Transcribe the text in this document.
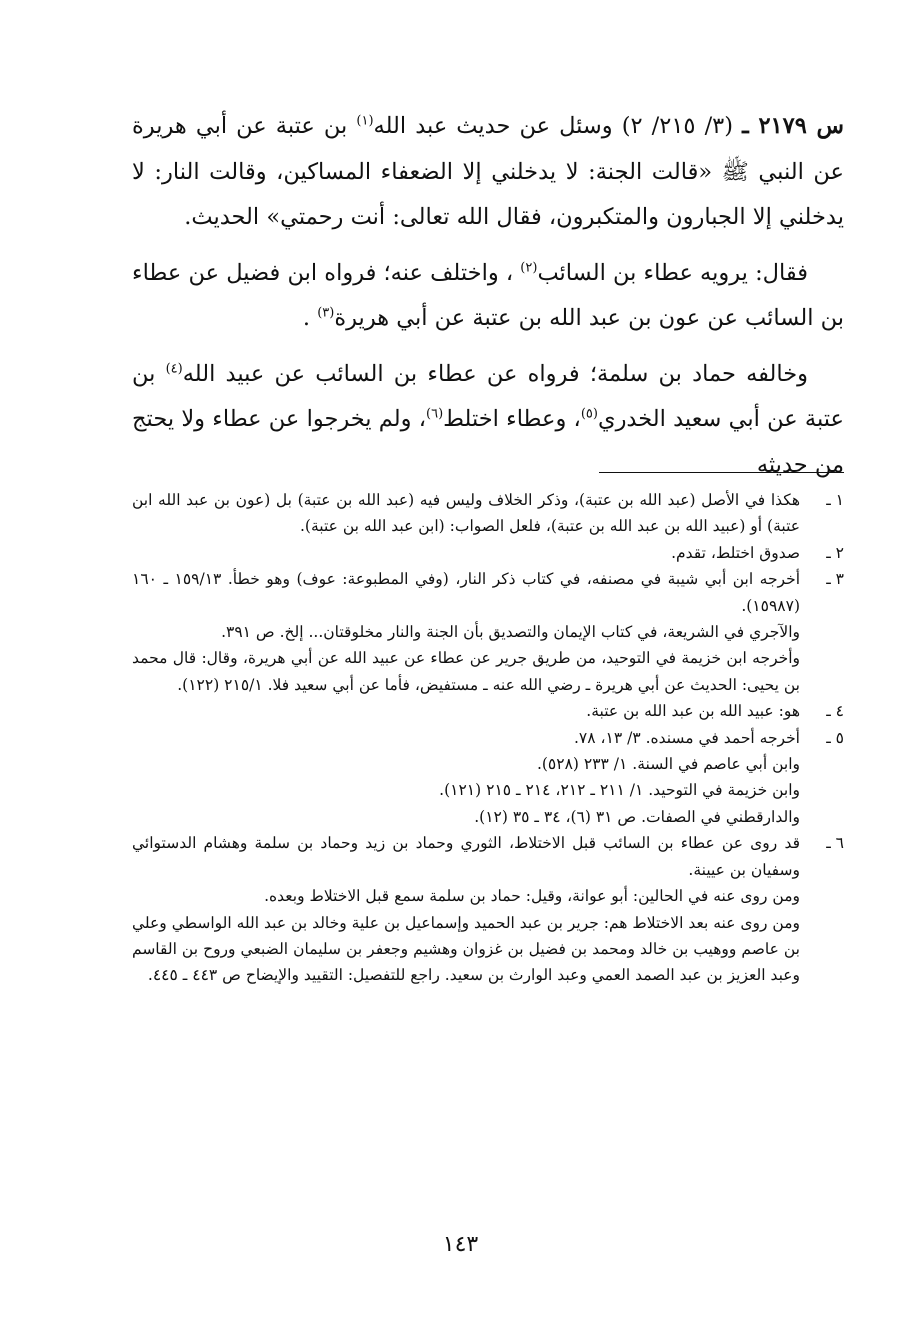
س ٢١٧٩ ـ (٣/ ٢١٥/ ٢) وسئل عن حديث عبد الله$^{(١)}$ بن عتبة عن أبي هريرة عن النبي ﷺ «قالت الجنة: لا يدخلني إلا الضعفاء المساكين، وقالت النار: لا يدخلني إلا الجبارون والمتكبرون، فقال الله تعالى: أنت رحمتي» الحديث.

فقال: يرويه عطاء بن السائب$^{(٢)}$ ، واختلف عنه؛ فرواه ابن فضيل عن عطاء بن السائب عن عون بن عبد الله بن عتبة عن أبي هريرة$^{(٣)}$ .

وخالفه حماد بن سلمة؛ فرواه عن عطاء بن السائب عن عبيد الله$^{(٤)}$ بن عتبة عن أبي سعيد الخدري$^{(٥)}$، وعطاء اختلط$^{(٦)}$، ولم يخرجوا عن عطاء ولا يحتج من حديثه

١ ـ
هكذا في الأصل (عبد الله بن عتبة)، وذكر الخلاف وليس فيه (عبد الله بن عتبة) بل (عون بن عبد الله ابن عتبة) أو (عبيد الله بن عبد الله بن عتبة)، فلعل الصواب: (ابن عبد الله بن عتبة).
٢ ـ
صدوق اختلط، تقدم.
٣ ـ
أخرجه ابن أبي شيبة في مصنفه، في كتاب ذكر النار، (وفي المطبوعة: عوف) وهو خطأ. ١٥٩/١٣ ـ ١٦٠ (١٥٩٨٧).
والآجري في الشريعة، في كتاب الإيمان والتصديق بأن الجنة والنار مخلوقتان... إلخ. ص ٣٩١.
وأخرجه ابن خزيمة في التوحيد، من طريق جرير عن عطاء عن عبيد الله عن أبي هريرة، وقال: قال محمد بن يحيى: الحديث عن أبي هريرة ـ رضي الله عنه ـ مستفيض، فأما عن أبي سعيد فلا. ٢١٥/١ (١٢٢).
٤ ـ
هو: عبيد الله بن عبد الله بن عتبة.
٥ ـ
أخرجه أحمد في مسنده. ٣/ ١٣، ٧٨.
وابن أبي عاصم في السنة. ١/ ٢٣٣ (٥٢٨).
وابن خزيمة في التوحيد. ١/ ٢١١ ـ ٢١٢، ٢١٤ ـ ٢١٥ (١٢١).
والدارقطني في الصفات. ص ٣١ (٦)، ٣٤ ـ ٣٥ (١٢).
٦ ـ
قد روى عن عطاء بن السائب قبل الاختلاط، الثوري وحماد بن زيد وحماد بن سلمة وهشام الدستوائي وسفيان بن عيينة.
ومن روى عنه في الحالين: أبو عوانة، وقيل: حماد بن سلمة سمع قبل الاختلاط وبعده.
ومن روى عنه بعد الاختلاط هم: جرير بن عبد الحميد وإسماعيل بن علية وخالد بن عبد الله الواسطي وعلي بن عاصم ووهيب بن خالد ومحمد بن فضيل بن غزوان وهشيم وجعفر بن سليمان الضبعي وروح بن القاسم وعبد العزيز بن عبد الصمد العمي وعبد الوارث بن سعيد. راجع للتفصيل: التقييد والإيضاح ص ٤٤٣ ـ ٤٤٥.
١٤٣
